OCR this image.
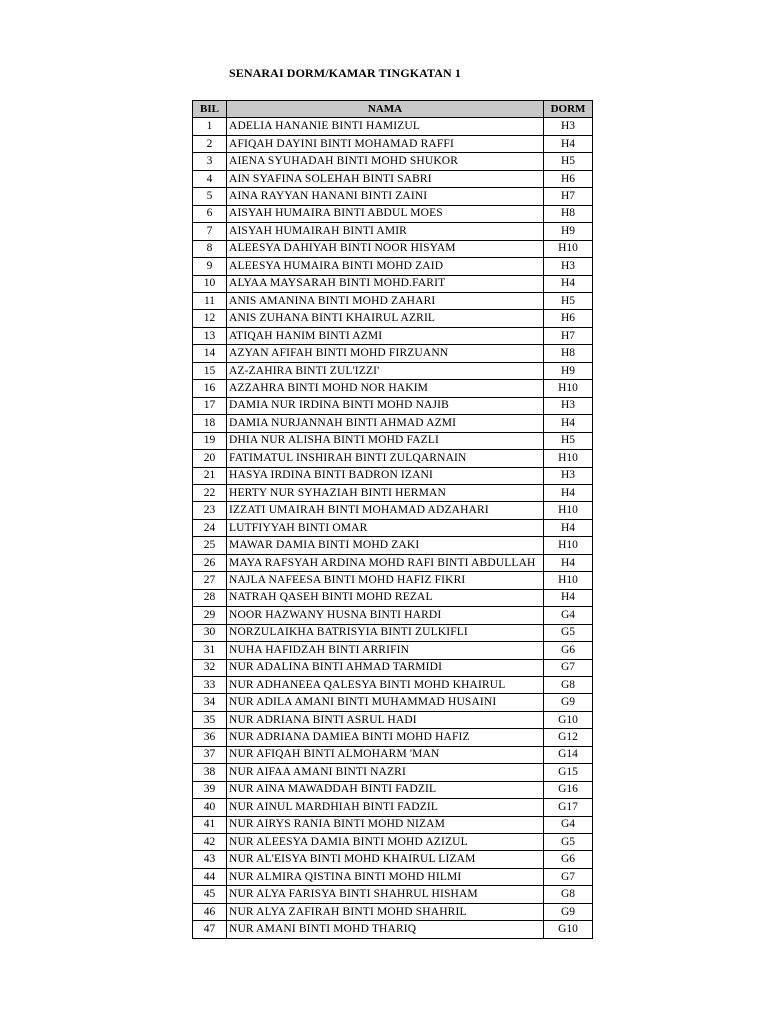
SENARAI DORM/KAMAR TINGKATAN 1
BIL	NAMA	DORM
1	ADELIA HANANIE BINTI HAMIZUL	H3
2	AFIQAH DAYINI BINTI MOHAMAD RAFFI	H4
3	AIENA SYUHADAH BINTI MOHD SHUKOR	H5
4	AIN SYAFINA SOLEHAH BINTI SABRI	H6
5	AINA RAYYAN HANANI BINTI ZAINI	H7
6	AISYAH HUMAIRA BINTI ABDUL MOES	H8
7	AISYAH HUMAIRAH BINTI AMIR	H9
8	ALEESYA DAHIYAH BINTI NOOR HISYAM	H10
9	ALEESYA HUMAIRA BINTI MOHD ZAID	H3
10	ALYAA MAYSARAH BINTI MOHD.FARIT	H4
11	ANIS AMANINA BINTI MOHD ZAHARI	H5
12	ANIS ZUHANA BINTI KHAIRUL AZRIL	H6
13	ATIQAH HANIM BINTI AZMI	H7
14	AZYAN AFIFAH BINTI MOHD FIRZUANN	H8
15	AZ-ZAHIRA BINTI ZUL'IZZI'	H9
16	AZZAHRA BINTI MOHD NOR HAKIM	H10
17	DAMIA NUR IRDINA BINTI MOHD NAJIB	H3
18	DAMIA NURJANNAH BINTI AHMAD AZMI	H4
19	DHIA NUR ALISHA BINTI MOHD FAZLI	H5
20	FATIMATUL INSHIRAH BINTI ZULQARNAIN	H10
21	HASYA IRDINA BINTI BADRON IZANI	H3
22	HERTY NUR SYHAZIAH BINTI HERMAN	H4
23	IZZATI UMAIRAH BINTI MOHAMAD ADZAHARI	H10
24	LUTFIYYAH BINTI OMAR	H4
25	MAWAR DAMIA BINTI MOHD ZAKI	H10
26	MAYA RAFSYAH ARDINA MOHD RAFI BINTI ABDULLAH	H4
27	NAJLA NAFEESA BINTI MOHD HAFIZ FIKRI	H10
28	NATRAH QASEH BINTI MOHD REZAL	H4
29	NOOR HAZWANY HUSNA BINTI HARDI	G4
30	NORZULAIKHA BATRISYIA BINTI ZULKIFLI	G5
31	NUHA HAFIDZAH BINTI ARRIFIN	G6
32	NUR ADALINA BINTI AHMAD TARMIDI	G7
33	NUR ADHANEEA QALESYA BINTI MOHD KHAIRUL	G8
34	NUR ADILA AMANI BINTI MUHAMMAD HUSAINI	G9
35	NUR ADRIANA BINTI ASRUL HADI	G10
36	NUR ADRIANA DAMIEA BINTI MOHD HAFIZ	G12
37	NUR AFIQAH BINTI ALMOHARM 'MAN	G14
38	NUR AIFAA AMANI BINTI NAZRI	G15
39	NUR AINA MAWADDAH BINTI FADZIL	G16
40	NUR AINUL MARDHIAH BINTI FADZIL	G17
41	NUR AIRYS RANIA BINTI MOHD NIZAM	G4
42	NUR ALEESYA DAMIA BINTI MOHD AZIZUL	G5
43	NUR AL'EISYA BINTI MOHD KHAIRUL LIZAM	G6
44	NUR ALMIRA QISTINA BINTI MOHD HILMI	G7
45	NUR ALYA FARISYA BINTI SHAHRUL HISHAM	G8
46	NUR ALYA ZAFIRAH BINTI MOHD SHAHRIL	G9
47	NUR AMANI BINTI MOHD THARIQ	G10
